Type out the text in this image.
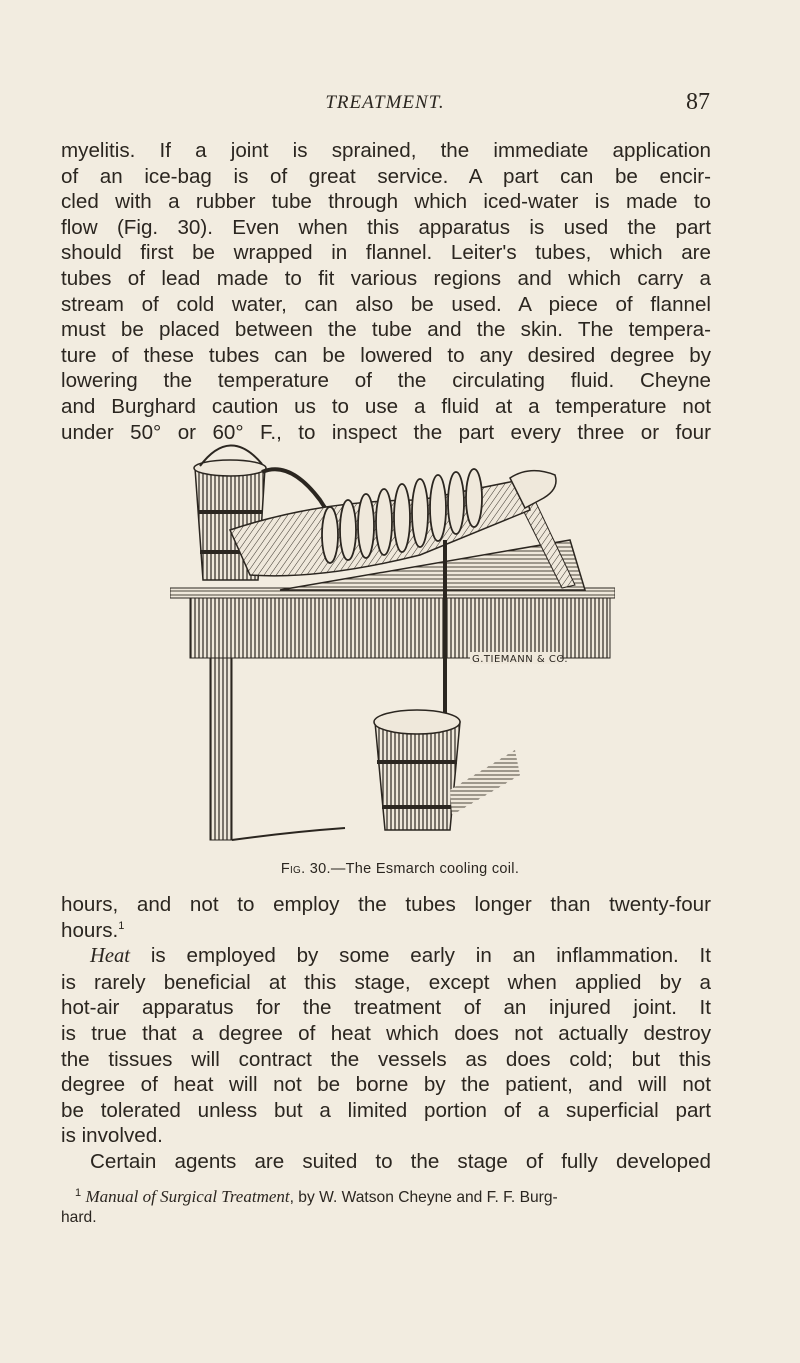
TREATMENT.	87

myelitis. If a joint is sprained, the immediate application
of an ice-bag is of great service. A part can be encir-
cled with a rubber tube through which iced-water is made to
flow (Fig. 30). Even when this apparatus is used the part
should first be wrapped in flannel. Leiter's tubes, which are
tubes of lead made to fit various regions and which carry a
stream of cold water, can also be used. A piece of flannel
must be placed between the tube and the skin. The tempera-
ture of these tubes can be lowered to any desired degree by
lowering the temperature of the circulating fluid. Cheyne
and Burghard caution us to use a fluid at a temperature not
under 50° or 60° F., to inspect the part every three or four

G.TIEMANN & CO.
Fig. 30.—The Esmarch cooling coil.

hours, and not to employ the tubes longer than twenty-four
hours.$^1$
Heat is employed by some early in an inflammation. It
is rarely beneficial at this stage, except when applied by a
hot-air apparatus for the treatment of an injured joint. It
is true that a degree of heat which does not actually destroy
the tissues will contract the vessels as does cold; but this
degree of heat will not be borne by the patient, and will not
be tolerated unless but a limited portion of a superficial part
is involved.
Certain agents are suited to the stage of fully developed

$^1$ Manual of Surgical Treatment, by W. Watson Cheyne and F. F. Burg-
hard.
